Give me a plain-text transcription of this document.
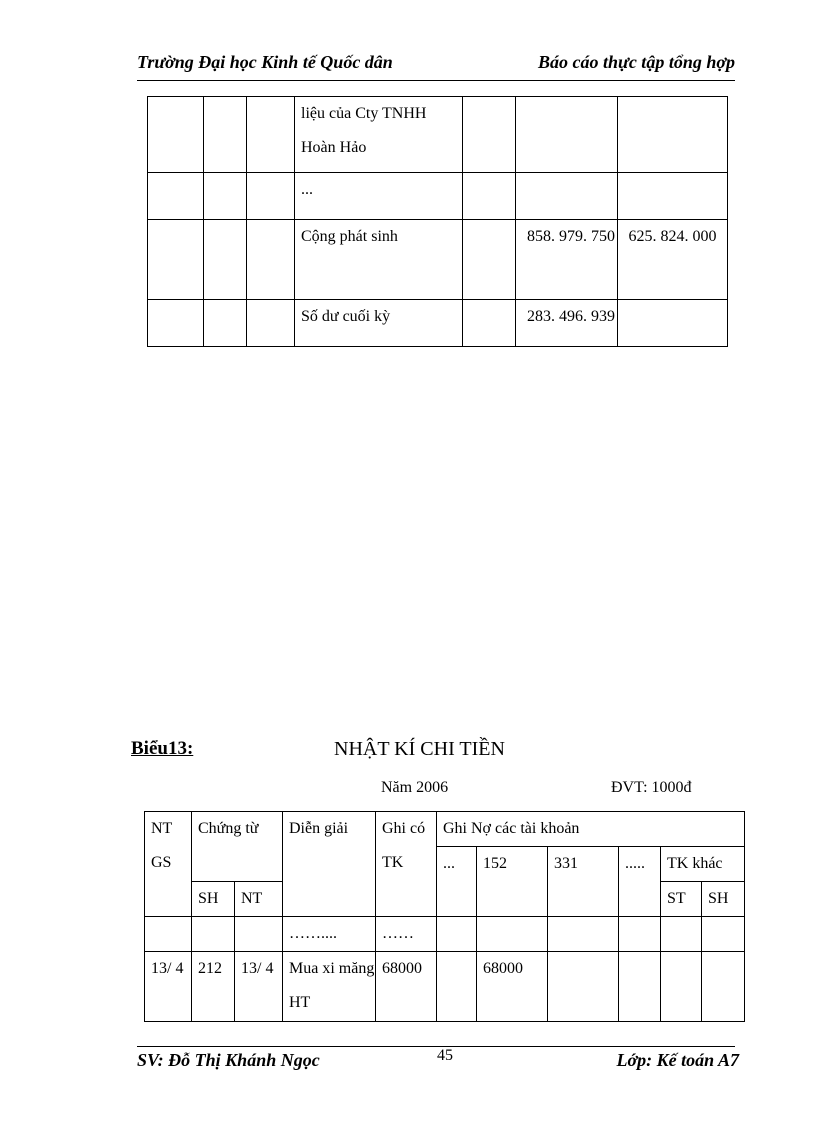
Trường Đại học Kinh tế Quốc dân	Báo cáo thực tập tổng hợp
			liệu của Cty TNHH Hoàn Hảo			
			...			
			Cộng phát sinh		858. 979. 750	625. 824. 000
			Số dư cuối kỳ		283. 496. 939	
Biểu13:	NHẬT KÍ CHI TIỀN
Năm 2006	ĐVT: 1000đ
NT GS	Chứng từ		Diễn giải	Ghi có TK	Ghi Nợ các tài khoản					
					...	152	331	.....	TK khác	
	SH	NT							ST	SH
			……....	……						
13/ 4	212	13/ 4	Mua xi măng HT	68000		68000				
SV: Đỗ Thị Khánh Ngọc	45	Lớp: Kế toán A7
